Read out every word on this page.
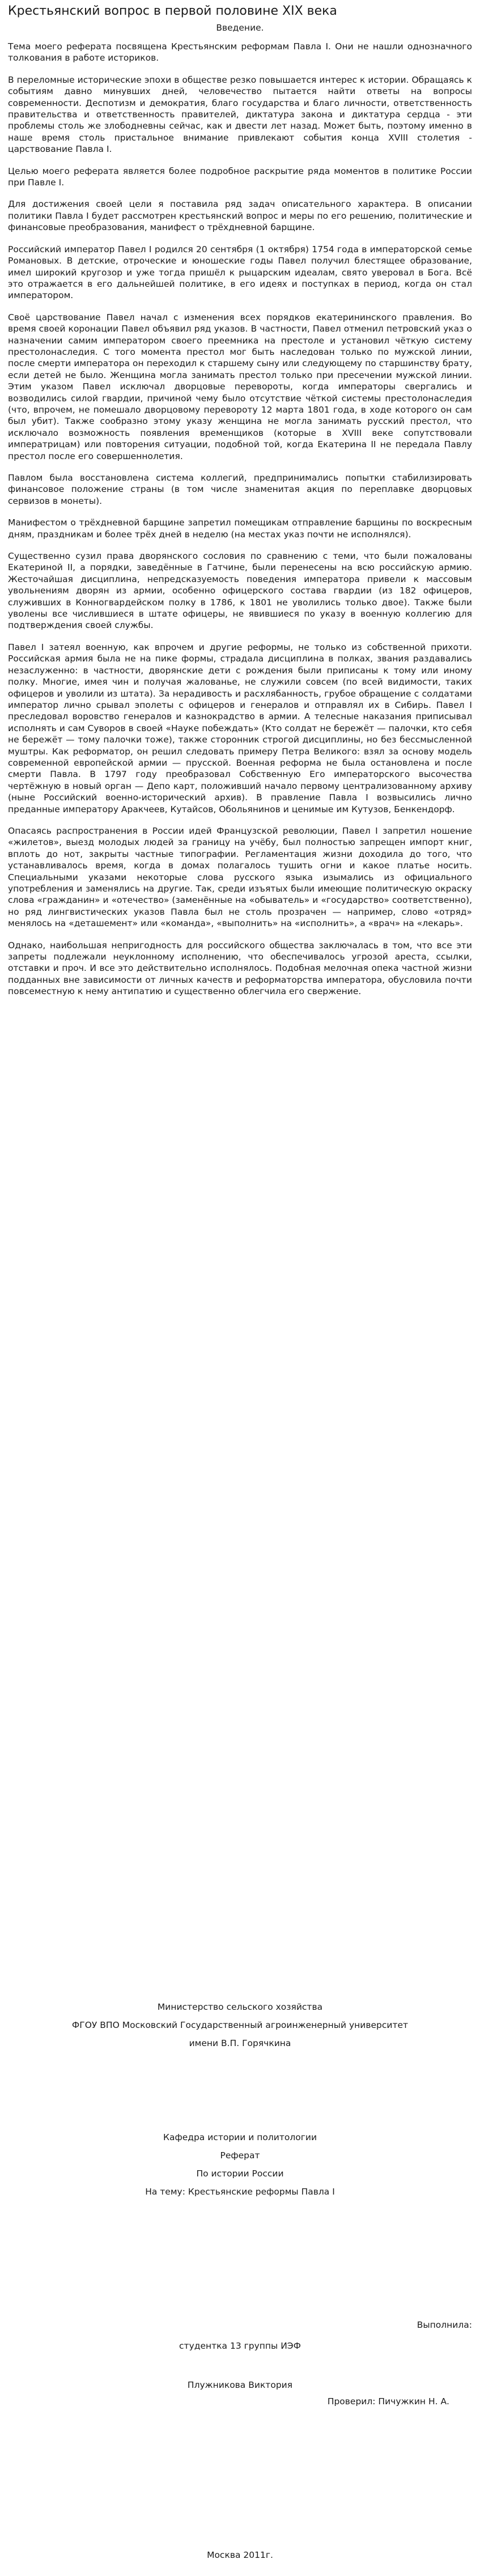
Крестьянский вопрос в первой половине XIX века
Введение.

Тема моего реферата посвящена Крестьянским реформам Павла I. Они не нашли однозначного толкования в работе историков.

В переломные исторические эпохи в обществе резко повышается интерес к истории. Обращаясь к событиям давно минувших дней, человечество пытается найти ответы на вопросы современности. Деспотизм и демократия, благо государства и благо личности, ответственность правительства и ответственность правителей, диктатура закона и диктатура сердца - эти проблемы столь же злободневны сейчас, как и двести лет назад. Может быть, поэтому именно в наше время столь пристальное внимание привлекают события конца XVIII столетия - царствование Павла I.

Целью моего реферата является более подробное раскрытие ряда моментов в политике России при Павле I.

Для достижения своей цели я поставила ряд задач описательного характера. В описании политики Павла I будет рассмотрен крестьянский вопрос и меры по его решению, политические и финансовые преобразования, манифест о трёхдневной барщине.

Российский император Павел I родился 20 сентября (1 октября) 1754 года в императорской семье Романовых. В детские, отроческие и юношеские годы Павел получил блестящее образование, имел широкий кругозор и уже тогда пришёл к рыцарским идеалам, свято уверовал в Бога. Всё это отражается в его дальнейшей политике, в его идеях и поступках в период, когда он стал императором.

Своё царствование Павел начал с изменения всех порядков екатерининского правления. Во время своей коронации Павел объявил ряд указов. В частности, Павел отменил петровский указ о назначении самим императором своего преемника на престоле и установил чёткую систему престолонаследия. С того момента престол мог быть наследован только по мужской линии, после смерти императора он переходил к старшему сыну или следующему по старшинству брату, если детей не было. Женщина могла занимать престол только при пресечении мужской линии. Этим указом Павел исключал дворцовые перевороты, когда императоры свергались и возводились силой гвардии, причиной чему было отсутствие чёткой системы престолонаследия (что, впрочем, не помешало дворцовому перевороту 12 марта 1801 года, в ходе которого он сам был убит). Также сообразно этому указу женщина не могла занимать русский престол, что исключало возможность появления временщиков (которые в XVIII веке сопутствовали императрицам) или повторения ситуации, подобной той, когда Екатерина II не передала Павлу престол после его совершеннолетия.

Павлом была восстановлена система коллегий, предпринимались попытки стабилизировать финансовое положение страны (в том числе знаменитая акция по переплавке дворцовых сервизов в монеты).

Манифестом о трёхдневной барщине запретил помещикам отправление барщины по воскресным дням, праздникам и более трёх дней в неделю (на местах указ почти не исполнялся).

Существенно сузил права дворянского сословия по сравнению с теми, что были пожалованы Екатериной II, а порядки, заведённые в Гатчине, были перенесены на всю российскую армию. Жесточайшая дисциплина, непредсказуемость поведения императора привели к массовым увольнениям дворян из армии, особенно офицерского состава гвардии (из 182 офицеров, служивших в Конногвардейском полку в 1786, к 1801 не уволились только двое). Также были уволены все числившиеся в штате офицеры, не явившиеся по указу в военную коллегию для подтверждения своей службы.

Павел I затеял военную, как впрочем и другие реформы, не только из собственной прихоти. Российская армия была не на пике формы, страдала дисциплина в полках, звания раздавались незаслуженно: в частности, дворянские дети с рождения были приписаны к тому или иному полку. Многие, имея чин и получая жалованье, не служили совсем (по всей видимости, таких офицеров и уволили из штата). За нерадивость и расхлябанность, грубое обращение с солдатами император лично срывал эполеты с офицеров и генералов и отправлял их в Сибирь. Павел I преследовал воровство генералов и казнокрадство в армии. А телесные наказания приписывал исполнять и сам Суворов в своей «Науке побеждать» (Кто солдат не бережёт — палочки, кто себя не бережёт — тому палочки тоже), также сторонник строгой дисциплины, но без бессмысленной муштры. Как реформатор, он решил следовать примеру Петра Великого: взял за основу модель современной европейской армии — прусской. Военная реформа не была остановлена и после смерти Павла. В 1797 году преобразовал Собственную Его императорского высочества чертёжную в новый орган — Депо карт, положивший начало первому централизованному архиву (ныне Российский военно-исторический архив). В правление Павла I возвысились лично преданные императору Аракчеев, Кутайсов, Обольянинов и ценимые им Кутузов, Бенкендорф.

Опасаясь распространения в России идей Французской революции, Павел I запретил ношение «жилетов», выезд молодых людей за границу на учёбу, был полностью запрещен импорт книг, вплоть до нот, закрыты частные типографии. Регламентация жизни доходила до того, что устанавливалось время, когда в домах полагалось тушить огни и какое платье носить. Специальными указами некоторые слова русского языка изымались из официального употребления и заменялись на другие. Так, среди изъятых были имеющие политическую окраску слова «гражданин» и «отечество» (заменённые на «обыватель» и «государство» соответственно), но ряд лингвистических указов Павла был не столь прозрачен — например, слово «отряд» менялось на «деташемент» или «команда», «выполнить» на «исполнить», а «врач» на «лекарь».

Однако, наибольшая непригодность для российского общества заключалась в том, что все эти запреты подлежали неуклонному исполнению, что обеспечивалось угрозой ареста, ссылки, отставки и проч. И все это действительно исполнялось. Подобная мелочная опека частной жизни подданных вне зависимости от личных качеств и реформаторства императора, обусловила почти повсеместную к нему антипатию и существенно облегчила его свержение.

Министерство сельского хозяйства
ФГОУ ВПО Московский Государственный агроинженерный университет
имени В.П. Горячкина
Кафедра истории и политологии
Реферат
По истории России
На тему: Крестьянские реформы Павла I
Выполнила:
студентка 13 группы ИЭФ
Плужникова Виктория
Проверил: Пичужкин Н. А.
Москва 2011г.
